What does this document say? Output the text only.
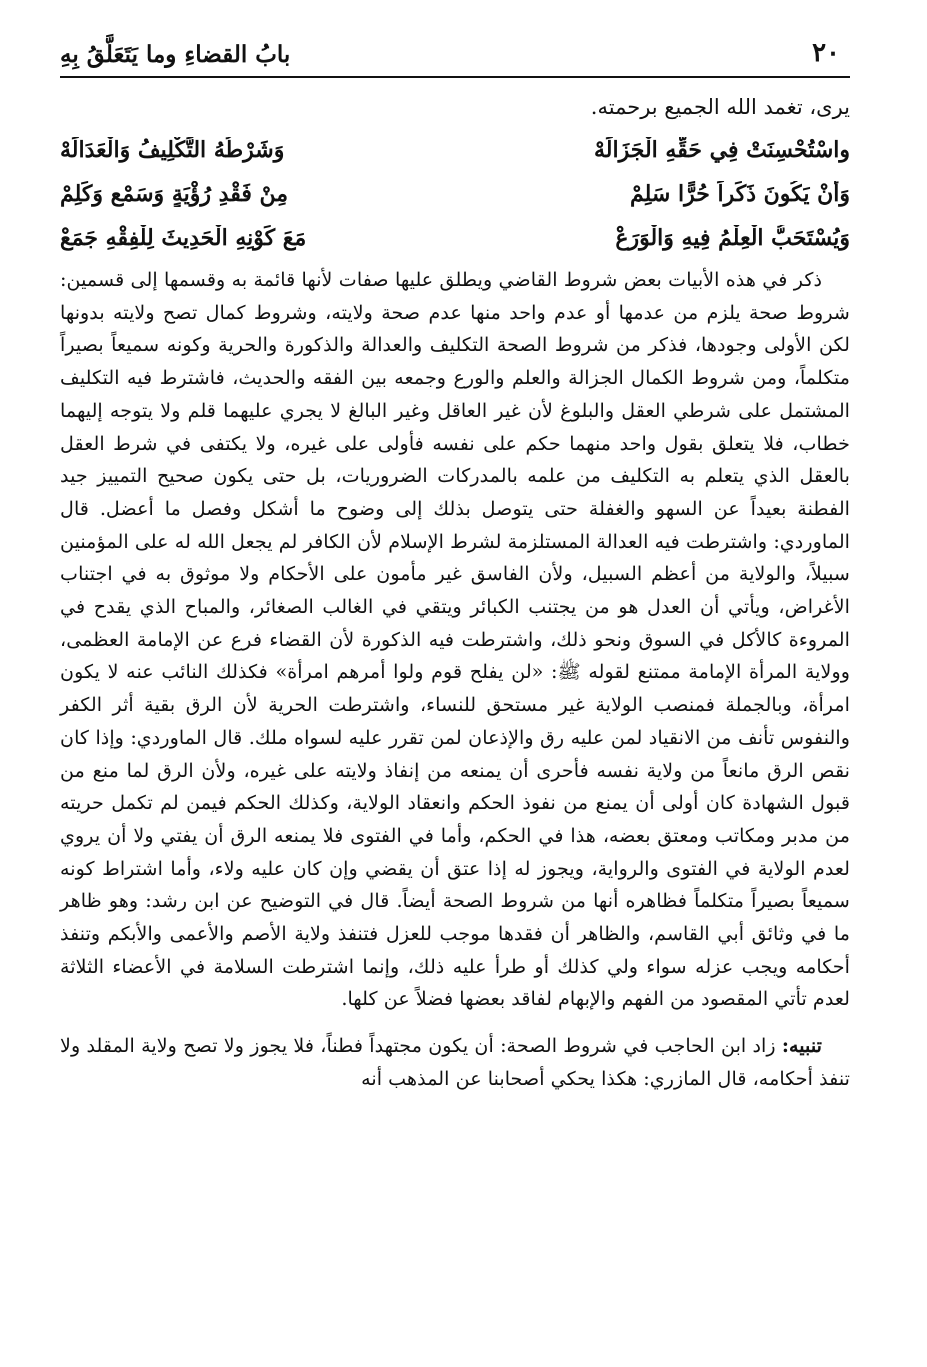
٢٠
بابُ القضاءِ وما يَتَعَلَّقُ بِهِ

يرى، تغمد الله الجميع برحمته.

واسْتُحْسِنَتْ فِي حَقِّهِ الْجَزَالَهْ
وَشَرْطُهُ التَّكْلِيفُ وَالْعَدَالَهْ
وَأَنْ يَكُونَ ذَكَراً حُرًّا سَلِمْ
مِنْ فَقْدِ رُؤْيَةٍ وَسَمْعٍ وَكَلِمْ
وَيُسْتَحَبُّ الْعِلْمُ فِيهِ وَالْوَرَعْ
مَعَ كَوْنِهِ الْحَدِيثَ لِلْفِقْهِ جَمَعْ

ذكر في هذه الأبيات بعض شروط القاضي ويطلق عليها صفات لأنها قائمة به وقسمها إلى قسمين: شروط صحة يلزم من عدمها أو عدم واحد منها عدم صحة ولايته، وشروط كمال تصح ولايته بدونها لكن الأولى وجودها، فذكر من شروط الصحة التكليف والعدالة والذكورة والحرية وكونه سميعاً بصيراً متكلماً، ومن شروط الكمال الجزالة والعلم والورع وجمعه بين الفقه والحديث، فاشترط فيه التكليف المشتمل على شرطي العقل والبلوغ لأن غير العاقل وغير البالغ لا يجري عليهما قلم ولا يتوجه إليهما خطاب، فلا يتعلق بقول واحد منهما حكم على نفسه فأولى على غيره، ولا يكتفى في شرط العقل بالعقل الذي يتعلم به التكليف من علمه بالمدركات الضروريات، بل حتى يكون صحيح التمييز جيد الفطنة بعيداً عن السهو والغفلة حتى يتوصل بذلك إلى وضوح ما أشكل وفصل ما أعضل. قال الماوردي: واشترطت فيه العدالة المستلزمة لشرط الإسلام لأن الكافر لم يجعل الله له على المؤمنين سبيلاً، والولاية من أعظم السبيل، ولأن الفاسق غير مأمون على الأحكام ولا موثوق به في اجتناب الأغراض، ويأتي أن العدل هو من يجتنب الكبائر ويتقي في الغالب الصغائر، والمباح الذي يقدح في المروءة كالأكل في السوق ونحو ذلك، واشترطت فيه الذكورة لأن القضاء فرع عن الإمامة العظمى، وولاية المرأة الإمامة ممتنع لقوله ﷺ: «لن يفلح قوم ولوا أمرهم امرأة» فكذلك النائب عنه لا يكون امرأة، وبالجملة فمنصب الولاية غير مستحق للنساء، واشترطت الحرية لأن الرق بقية أثر الكفر والنفوس تأنف من الانقياد لمن عليه رق والإذعان لمن تقرر عليه لسواه ملك. قال الماوردي: وإذا كان نقص الرق مانعاً من ولاية نفسه فأحرى أن يمنعه من إنفاذ ولايته على غيره، ولأن الرق لما منع من قبول الشهادة كان أولى أن يمنع من نفوذ الحكم وانعقاد الولاية، وكذلك الحكم فيمن لم تكمل حريته من مدبر ومكاتب ومعتق بعضه، هذا في الحكم، وأما في الفتوى فلا يمنعه الرق أن يفتي ولا أن يروي لعدم الولاية في الفتوى والرواية، ويجوز له إذا عتق أن يقضي وإن كان عليه ولاء، وأما اشتراط كونه سميعاً بصيراً متكلماً فظاهره أنها من شروط الصحة أيضاً. قال في التوضيح عن ابن رشد: وهو ظاهر ما في وثائق أبي القاسم، والظاهر أن فقدها موجب للعزل فتنفذ ولاية الأصم والأعمى والأبكم وتنفذ أحكامه ويجب عزله سواء ولي كذلك أو طرأ عليه ذلك، وإنما اشترطت السلامة في الأعضاء الثلاثة لعدم تأتي المقصود من الفهم والإبهام لفاقد بعضها فضلاً عن كلها.

تنبيه: زاد ابن الحاجب في شروط الصحة: أن يكون مجتهداً فطناً، فلا يجوز ولا تصح ولاية المقلد ولا تنفذ أحكامه، قال المازري: هكذا يحكي أصحابنا عن المذهب أنه
